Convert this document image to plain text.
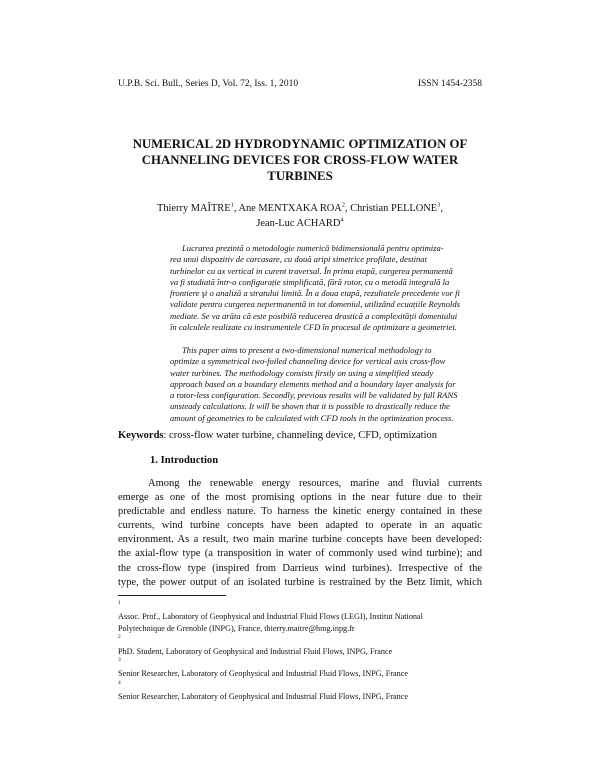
U.P.B. Sci. Bull., Series D, Vol. 72, Iss. 1, 2010	ISSN 1454-2358
NUMERICAL 2D HYDRODYNAMIC OPTIMIZATION OF
CHANNELING DEVICES FOR CROSS-FLOW WATER
TURBINES
Thierry MAÎTRE$^1$, Ane MENTXAKA ROA$^2$, Christian PELLONE$^3$,
Jean-Luc ACHARD$^4$
Lucrarea prezintă o metodologie numerică bidimensională pentru optimiza-
rea unui dispozitiv de carcasare, cu două aripi simetrice profilate, destinat
turbinelor cu ax vertical in curent traversal. În prima etapă, curgerea permanentă
va fi studiată într-o configurație simplificată, fără rotor, cu o metodă integrală la
frontiere şi o analiză a stratului limită. În a doua etapă, rezultatele precedente vor fi
validate pentru curgerea nepermanentă in tot domeniul, utilizând ecuațiile Reynolds
mediate. Se va arăta că este posibilă reducerea drastică a complexității domeniului
în calculele realizate cu instrumentele CFD în procesul de optimizare a geometriei.
This paper aims to present a two-dimensional numerical methodology to
optimize a symmetrical two-foiled channeling device for vertical axis cross-flow
water turbines. The methodology consists firstly on using a simplified steady
approach based on a boundary elements method and a boundary layer analysis for
a rotor-less configuration. Secondly, previous results will be validated by full RANS
unsteady calculations. It will be shown that it is possible to drastically reduce the
amount of geometries to be calculated with CFD tools in the optimization process.
Keywords: cross-flow water turbine, channeling device, CFD, optimization
1. Introduction
Among the renewable energy resources, marine and fluvial currents
emerge as one of the most promising options in the near future due to their
predictable and endless nature. To harness the kinetic energy contained in these
currents, wind turbine concepts have been adapted to operate in an aquatic
environment. As a result, two main marine turbine concepts have been developed:
the axial-flow type (a transposition in water of commonly used wind turbine); and
the cross-flow type (inspired from Darrieus wind turbines). Irrespective of the
type, the power output of an isolated turbine is restrained by the Betz limit, which
$^1$
Assoc. Prof., Laboratory of Geophysical and Industrial Fluid Flows (LEGI), Institut National
Polytechnique de Grenoble (INPG), France, thierry.maitre@hmg.inpg.fr
$^2$
PhD. Student, Laboratory of Geophysical and Industrial Fluid Flows, INPG, France
$^3$
Senior Researcher, Laboratory of Geophysical and Industrial Fluid Flows, INPG, France
$^4$
Senior Researcher, Laboratory of Geophysical and Industrial Fluid Flows, INPG, France
